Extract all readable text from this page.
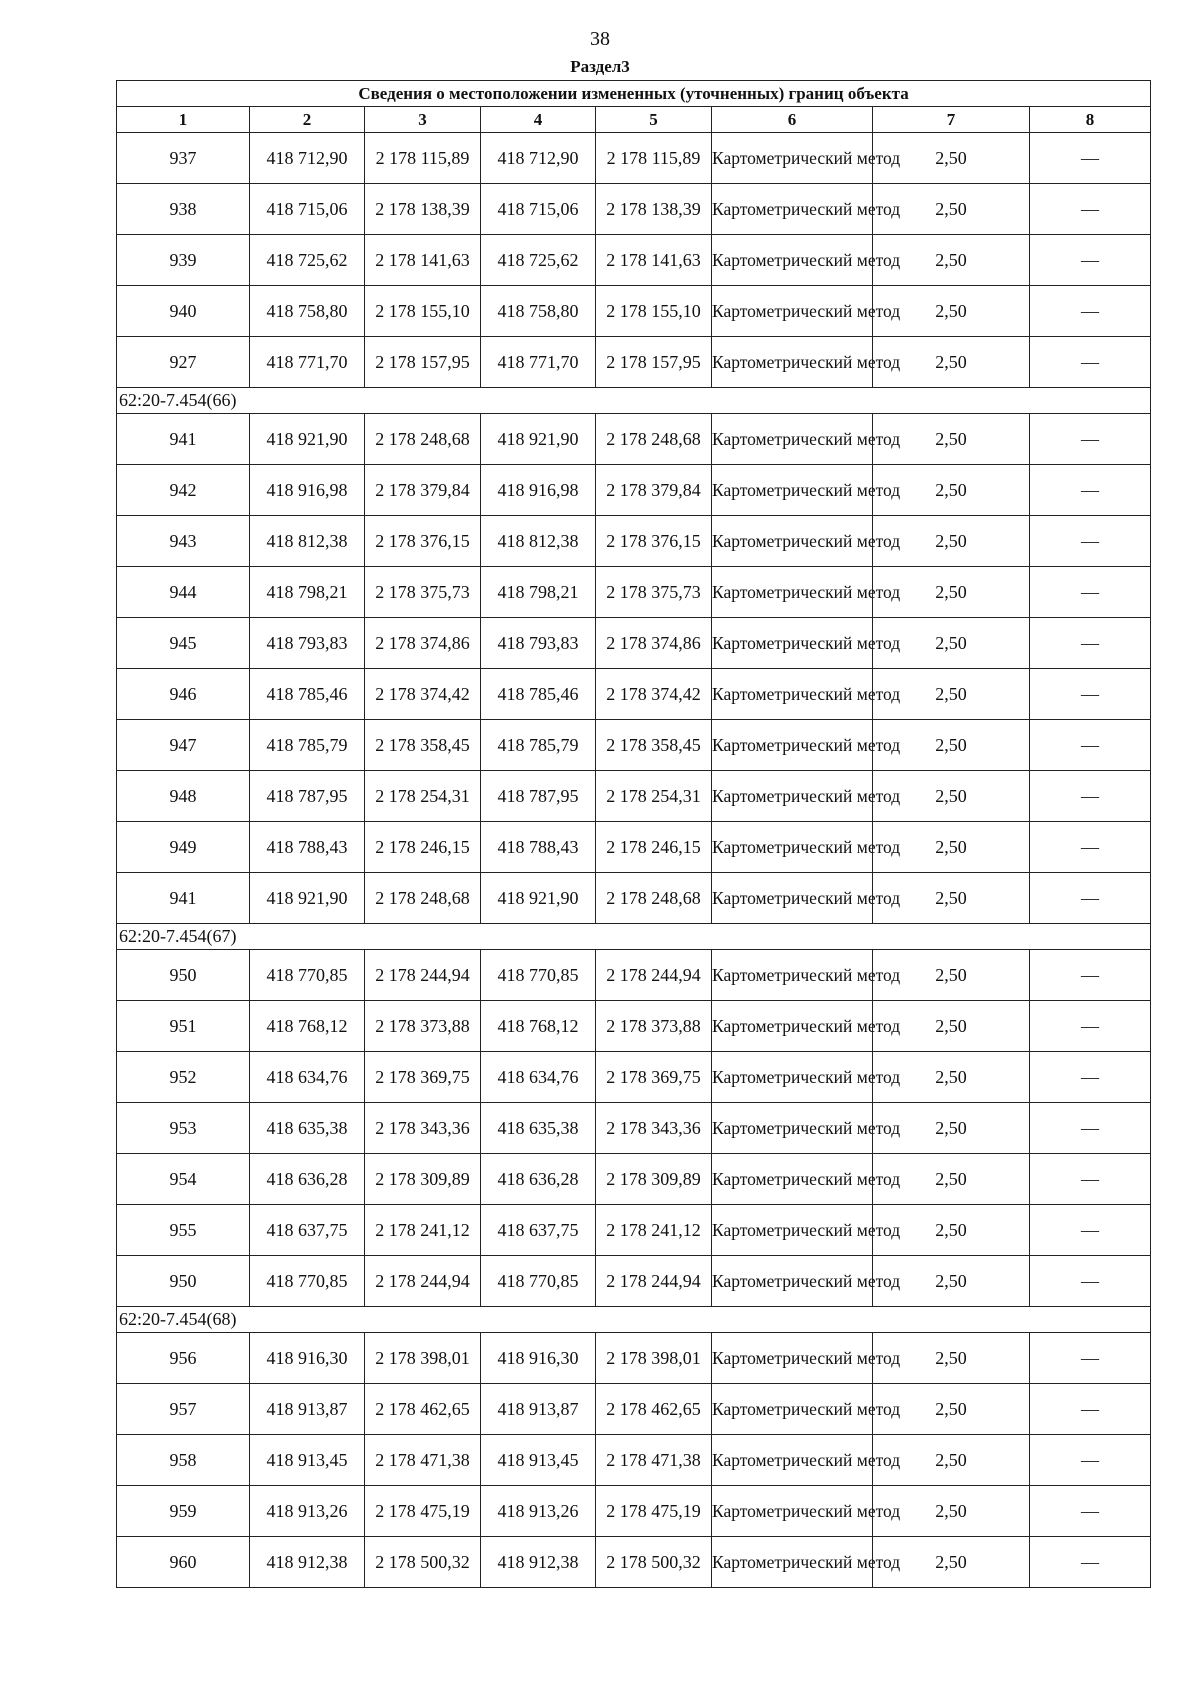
38
Раздел3
Сведения о местоположении измененных (уточненных) границ объекта							
1	2	3	4	5	6	7	8
937	418 712,90	2 178 115,89	418 712,90	2 178 115,89	Картометрический метод	2,50	—
938	418 715,06	2 178 138,39	418 715,06	2 178 138,39	Картометрический метод	2,50	—
939	418 725,62	2 178 141,63	418 725,62	2 178 141,63	Картометрический метод	2,50	—
940	418 758,80	2 178 155,10	418 758,80	2 178 155,10	Картометрический метод	2,50	—
927	418 771,70	2 178 157,95	418 771,70	2 178 157,95	Картометрический метод	2,50	—
62:20-7.454(66)							
941	418 921,90	2 178 248,68	418 921,90	2 178 248,68	Картометрический метод	2,50	—
942	418 916,98	2 178 379,84	418 916,98	2 178 379,84	Картометрический метод	2,50	—
943	418 812,38	2 178 376,15	418 812,38	2 178 376,15	Картометрический метод	2,50	—
944	418 798,21	2 178 375,73	418 798,21	2 178 375,73	Картометрический метод	2,50	—
945	418 793,83	2 178 374,86	418 793,83	2 178 374,86	Картометрический метод	2,50	—
946	418 785,46	2 178 374,42	418 785,46	2 178 374,42	Картометрический метод	2,50	—
947	418 785,79	2 178 358,45	418 785,79	2 178 358,45	Картометрический метод	2,50	—
948	418 787,95	2 178 254,31	418 787,95	2 178 254,31	Картометрический метод	2,50	—
949	418 788,43	2 178 246,15	418 788,43	2 178 246,15	Картометрический метод	2,50	—
941	418 921,90	2 178 248,68	418 921,90	2 178 248,68	Картометрический метод	2,50	—
62:20-7.454(67)							
950	418 770,85	2 178 244,94	418 770,85	2 178 244,94	Картометрический метод	2,50	—
951	418 768,12	2 178 373,88	418 768,12	2 178 373,88	Картометрический метод	2,50	—
952	418 634,76	2 178 369,75	418 634,76	2 178 369,75	Картометрический метод	2,50	—
953	418 635,38	2 178 343,36	418 635,38	2 178 343,36	Картометрический метод	2,50	—
954	418 636,28	2 178 309,89	418 636,28	2 178 309,89	Картометрический метод	2,50	—
955	418 637,75	2 178 241,12	418 637,75	2 178 241,12	Картометрический метод	2,50	—
950	418 770,85	2 178 244,94	418 770,85	2 178 244,94	Картометрический метод	2,50	—
62:20-7.454(68)							
956	418 916,30	2 178 398,01	418 916,30	2 178 398,01	Картометрический метод	2,50	—
957	418 913,87	2 178 462,65	418 913,87	2 178 462,65	Картометрический метод	2,50	—
958	418 913,45	2 178 471,38	418 913,45	2 178 471,38	Картометрический метод	2,50	—
959	418 913,26	2 178 475,19	418 913,26	2 178 475,19	Картометрический метод	2,50	—
960	418 912,38	2 178 500,32	418 912,38	2 178 500,32	Картометрический метод	2,50	—
